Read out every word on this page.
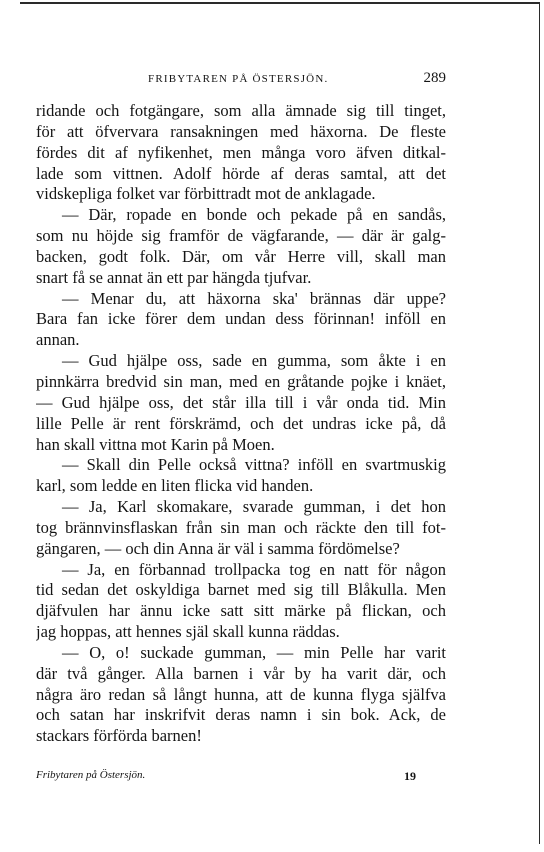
FRIBYTAREN PÅ ÖSTERSJÖN.	289
ridande och fotgängare, som alla ämnade sig till tinget,
för att öfvervara ransakningen med häxorna. De fleste
fördes dit af nyfikenhet, men många voro äfven ditkal-
lade som vittnen. Adolf hörde af deras samtal, att det
vidskepliga folket var förbittradt mot de anklagade.
— Där, ropade en bonde och pekade på en sandås,
som nu höjde sig framför de vägfarande, — där är galg-
backen, godt folk. Där, om vår Herre vill, skall man
snart få se annat än ett par hängda tjufvar.
— Menar du, att häxorna ska' brännas där uppe?
Bara fan icke förer dem undan dess förinnan! inföll en
annan.
— Gud hjälpe oss, sade en gumma, som åkte i en
pinnkärra bredvid sin man, med en gråtande pojke i knäet,
— Gud hjälpe oss, det står illa till i vår onda tid. Min
lille Pelle är rent förskrämd, och det undras icke på, då
han skall vittna mot Karin på Moen.
— Skall din Pelle också vittna? inföll en svartmuskig
karl, som ledde en liten flicka vid handen.
— Ja, Karl skomakare, svarade gumman, i det hon
tog brännvinsflaskan från sin man och räckte den till fot-
gängaren, — och din Anna är väl i samma fördömelse?
— Ja, en förbannad trollpacka tog en natt för någon
tid sedan det oskyldiga barnet med sig till Blåkulla. Men
djäfvulen har ännu icke satt sitt märke på flickan, och
jag hoppas, att hennes själ skall kunna räddas.
— O, o! suckade gumman, — min Pelle har varit
där två gånger. Alla barnen i vår by ha varit där, och
några äro redan så långt hunna, att de kunna flyga själfva
och satan har inskrifvit deras namn i sin bok. Ack, de
stackars förförda barnen!
Fribytaren på Östersjön.	19
